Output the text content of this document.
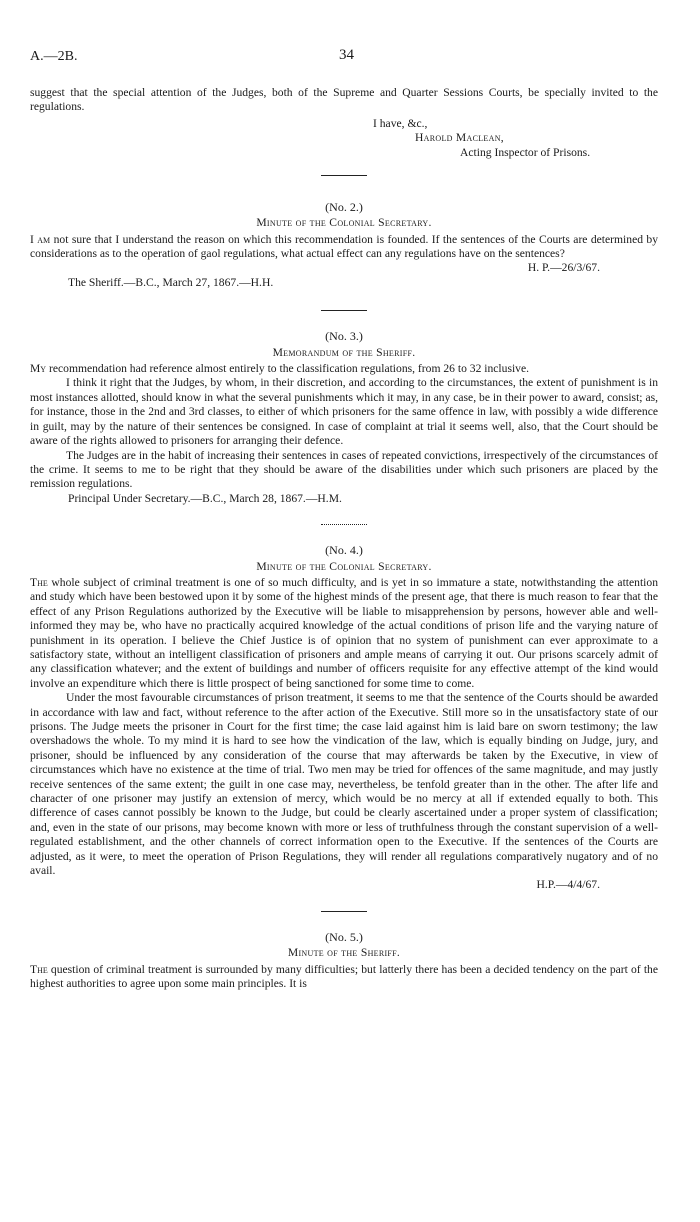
A.—2B.	34

suggest that the special attention of the Judges, both of the Supreme and Quarter Sessions Courts, be specially invited to the regulations.

I have, &c.,
Harold Maclean,
Acting Inspector of Prisons.
(No. 2.)
Minute of the Colonial Secretary.

I am not sure that I understand the reason on which this recommendation is founded. If the sentences of the Courts are determined by considerations as to the operation of gaol regulations, what actual effect can any regulations have on the sentences?

H. P.—26/3/67.
The Sheriff.—B.C., March 27, 1867.—H.H.
(No. 3.)
Memorandum of the Sheriff.

My recommendation had reference almost entirely to the classification regulations, from 26 to 32 inclusive.

I think it right that the Judges, by whom, in their discretion, and according to the circumstances, the extent of punishment is in most instances allotted, should know in what the several punishments which it may, in any case, be in their power to award, consist; as, for instance, those in the 2nd and 3rd classes, to either of which prisoners for the same offence in law, with possibly a wide difference in guilt, may by the nature of their sentences be consigned. In case of complaint at trial it seems well, also, that the Court should be aware of the rights allowed to prisoners for arranging their defence.

The Judges are in the habit of increasing their sentences in cases of repeated convictions, irrespectively of the circumstances of the crime. It seems to me to be right that they should be aware of the disabilities under which such prisoners are placed by the remission regulations.

Principal Under Secretary.—B.C., March 28, 1867.—H.M.
(No. 4.)
Minute of the Colonial Secretary.

The whole subject of criminal treatment is one of so much difficulty, and is yet in so immature a state, notwithstanding the attention and study which have been bestowed upon it by some of the highest minds of the present age, that there is much reason to fear that the effect of any Prison Regulations authorized by the Executive will be liable to misapprehension by persons, however able and well-informed they may be, who have no practically acquired knowledge of the actual conditions of prison life and the varying nature of punishment in its operation. I believe the Chief Justice is of opinion that no system of punishment can ever approximate to a satisfactory state, without an intelligent classification of prisoners and ample means of carrying it out. Our prisons scarcely admit of any classification whatever; and the extent of buildings and number of officers requisite for any effective attempt of the kind would involve an expenditure which there is little prospect of being sanctioned for some time to come.

Under the most favourable circumstances of prison treatment, it seems to me that the sentence of the Courts should be awarded in accordance with law and fact, without reference to the after action of the Executive. Still more so in the unsatisfactory state of our prisons. The Judge meets the prisoner in Court for the first time; the case laid against him is laid bare on sworn testimony; the law overshadows the whole. To my mind it is hard to see how the vindication of the law, which is equally binding on Judge, jury, and prisoner, should be influenced by any consideration of the course that may afterwards be taken by the Executive, in view of circumstances which have no existence at the time of trial. Two men may be tried for offences of the same magnitude, and may justly receive sentences of the same extent; the guilt in one case may, nevertheless, be tenfold greater than in the other. The after life and character of one prisoner may justify an extension of mercy, which would be no mercy at all if extended equally to both. This difference of cases cannot possibly be known to the Judge, but could be clearly ascertained under a proper system of classification; and, even in the state of our prisons, may become known with more or less of truthfulness through the constant supervision of a well-regulated establishment, and the other channels of correct information open to the Executive. If the sentences of the Courts are adjusted, as it were, to meet the operation of Prison Regulations, they will render all regulations comparatively nugatory and of no avail.

H.P.—4/4/67.
(No. 5.)
Minute of the Sheriff.

The question of criminal treatment is surrounded by many difficulties; but latterly there has been a decided tendency on the part of the highest authorities to agree upon some main principles. It is
